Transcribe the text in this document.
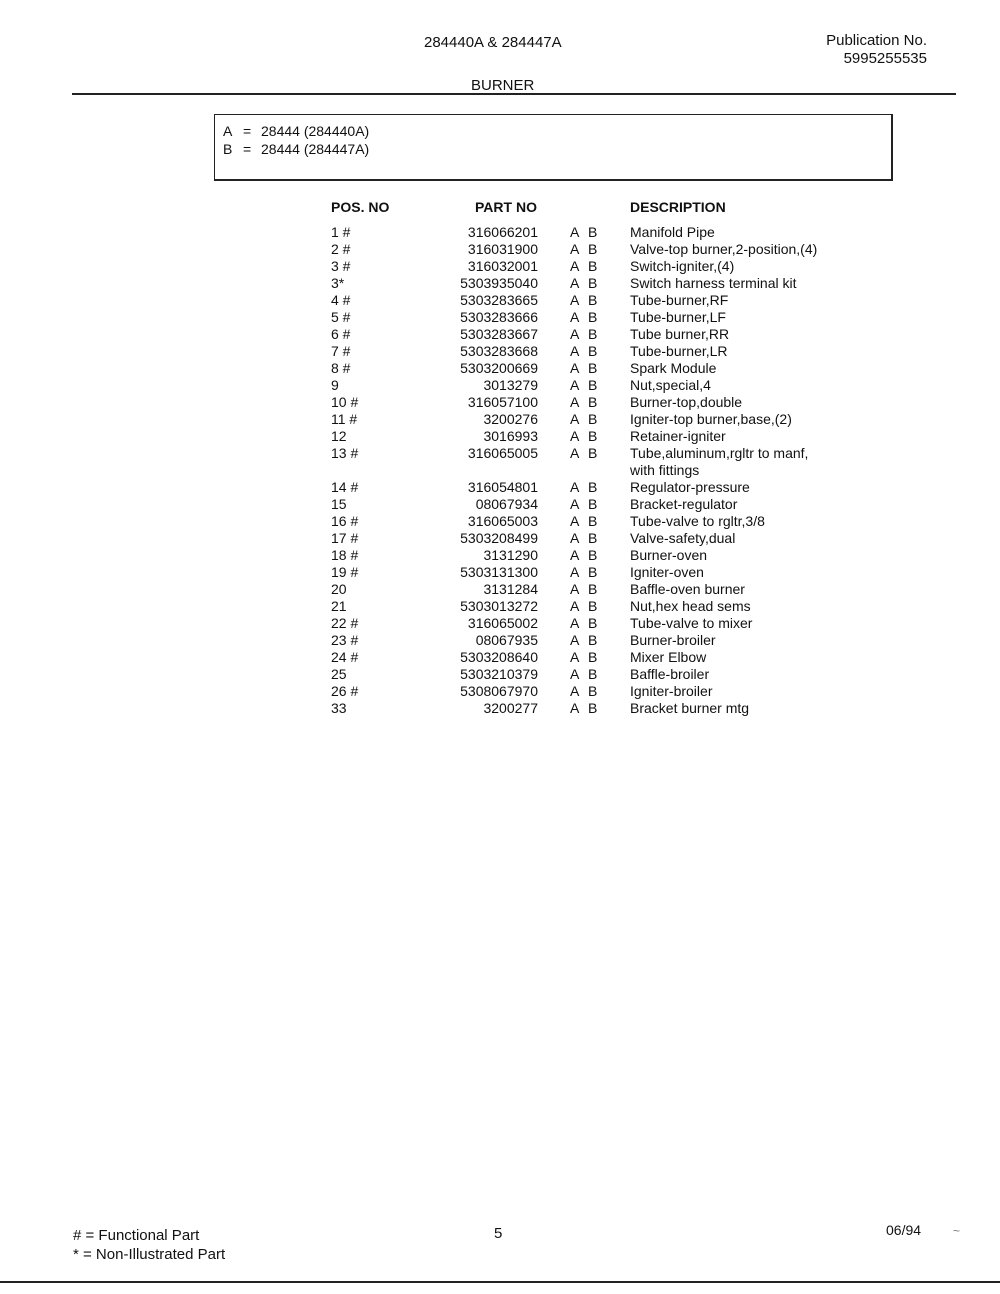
284440A & 284447A	Publication No.
5995255535
BURNER
A = 28444 (284440A)
B = 28444 (284447A)
POS. NO	PART NO	DESCRIPTION
1 #	316066201 A B Manifold Pipe
2 #	316031900 A B Valve-top burner,2-position,(4)
3 #	316032001 A B Switch-igniter,(4)
3*	5303935040 A B Switch harness terminal kit
4 #	5303283665 A B Tube-burner,RF
5 #	5303283666 A B Tube-burner,LF
6 #	5303283667 A B Tube burner,RR
7 #	5303283668 A B Tube-burner,LR
8 #	5303200669 A B Spark Module
9	3013279 A B Nut,special,4
10 #	316057100 A B Burner-top,double
11 #	3200276 A B Igniter-top burner,base,(2)
12	3016993 A B Retainer-igniter
13 #	316065005 A B Tube,aluminum,rgltr to manf,
with fittings
14 #	316054801 A B Regulator-pressure
15	08067934 A B Bracket-regulator
16 #	316065003 A B Tube-valve to rgltr,3/8
17 #	5303208499 A B Valve-safety,dual
18 #	3131290 A B Burner-oven
19 #	5303131300 A B Igniter-oven
20	3131284 A B Baffle-oven burner
21	5303013272 A B Nut,hex head sems
22 #	316065002 A B Tube-valve to mixer
23 #	08067935 A B Burner-broiler
24 #	5303208640 A B Mixer Elbow
25	5303210379 A B Baffle-broiler
26 #	5308067970 A B Igniter-broiler
33	3200277 A B Bracket burner mtg
# = Functional Part
* = Non-Illustrated Part
5	06/94	~
